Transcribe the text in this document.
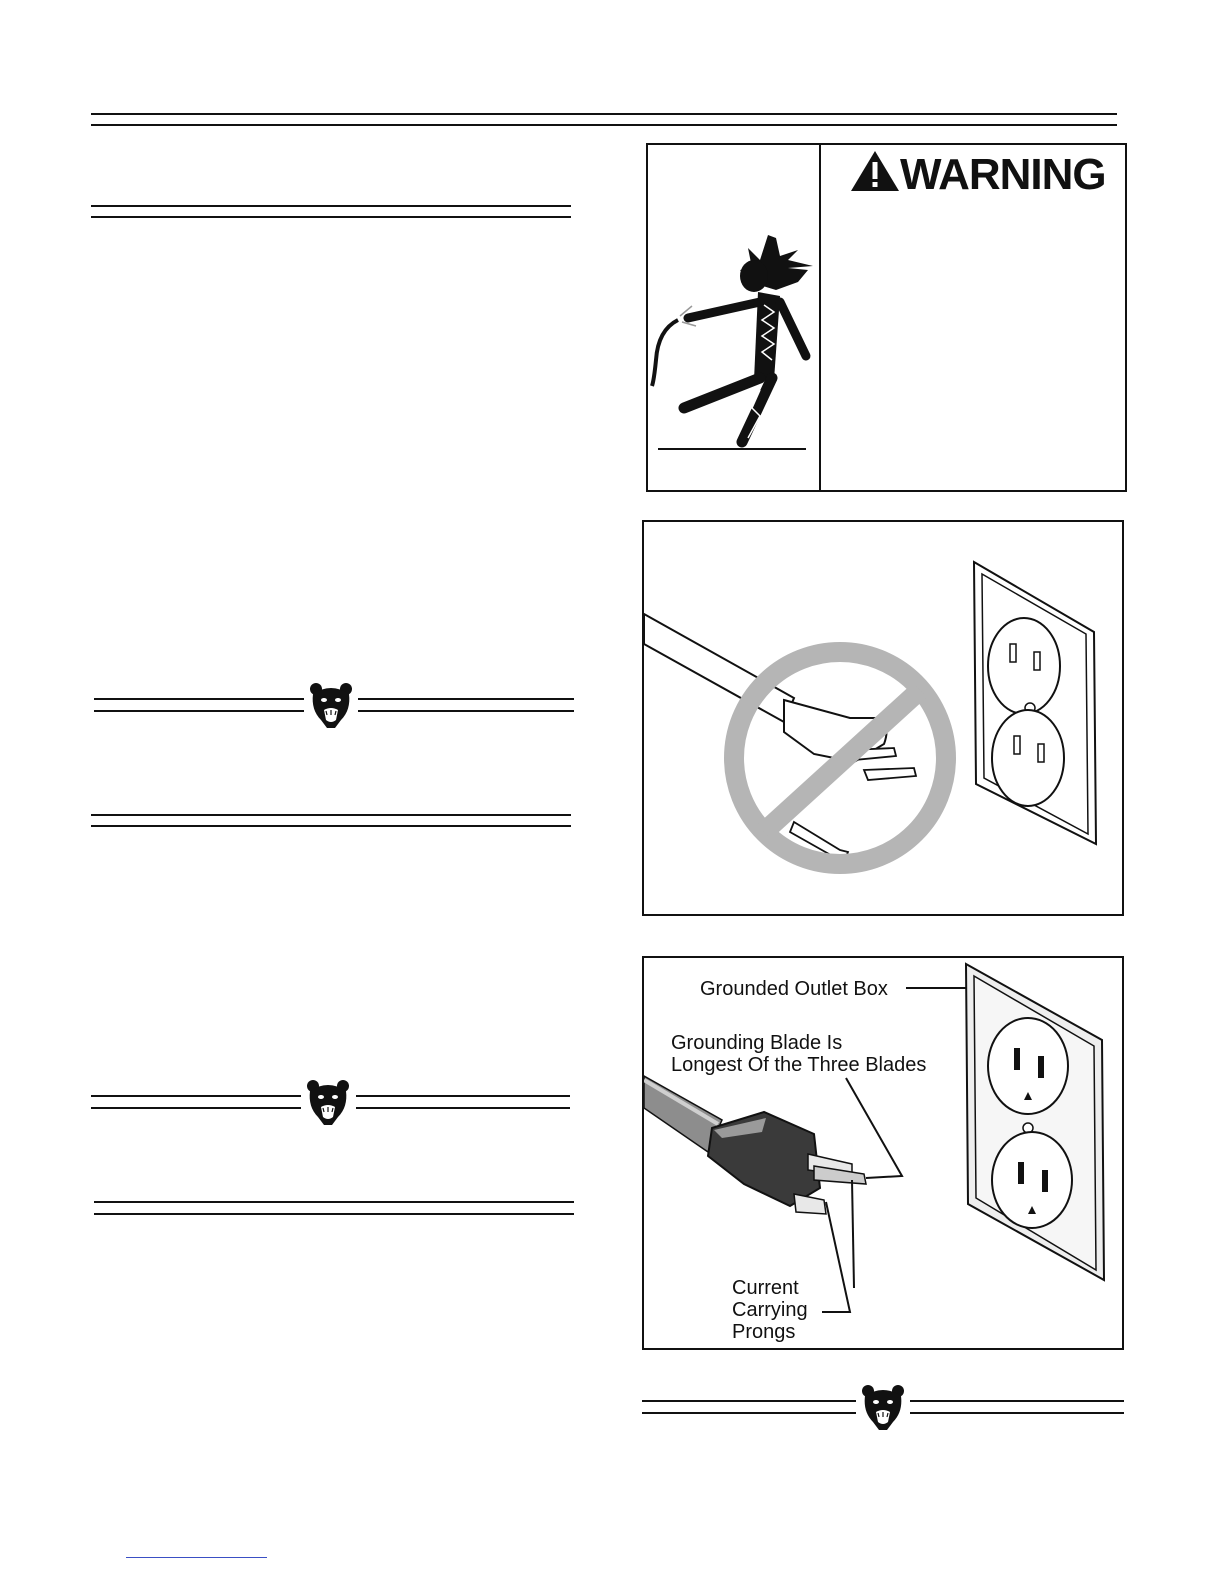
WARNING
Grounded Outlet Box
Grounding Blade Is
Longest Of the Three Blades
Current
Carrying
Prongs
